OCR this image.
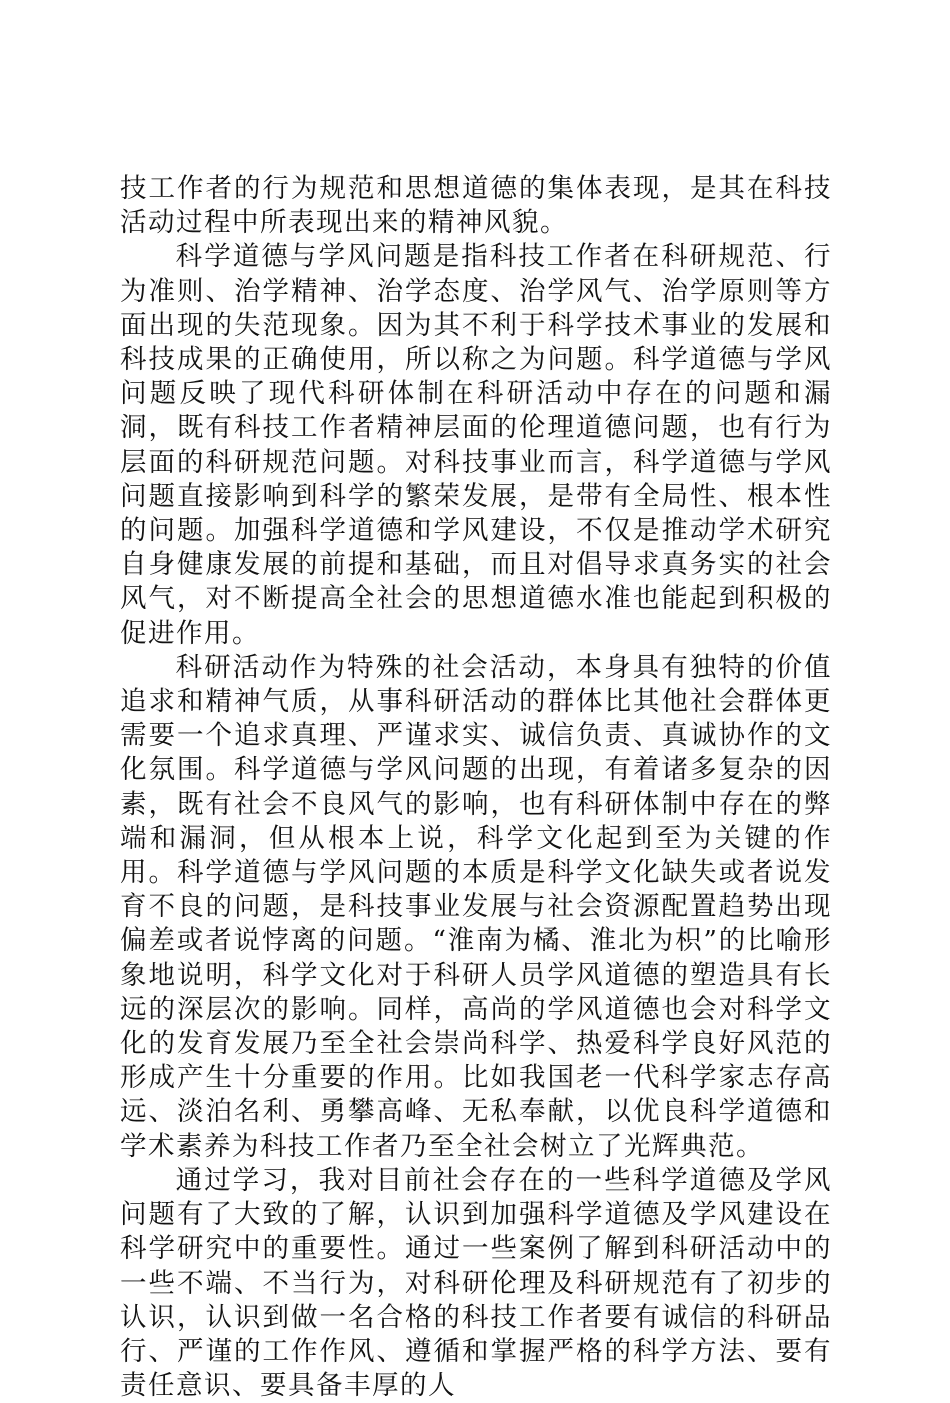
技工作者的行为规范和思想道德的集体表现，是其在科技活动过程中所表现出来的精神风貌。

科学道德与学风问题是指科技工作者在科研规范、行为准则、治学精神、治学态度、治学风气、治学原则等方面出现的失范现象。因为其不利于科学技术事业的发展和科技成果的正确使用，所以称之为问题。科学道德与学风问题反映了现代科研体制在科研活动中存在的问题和漏洞，既有科技工作者精神层面的伦理道德问题，也有行为层面的科研规范问题。对科技事业而言，科学道德与学风问题直接影响到科学的繁荣发展，是带有全局性、根本性的问题。加强科学道德和学风建设，不仅是推动学术研究自身健康发展的前提和基础，而且对倡导求真务实的社会风气，对不断提高全社会的思想道德水准也能起到积极的促进作用。

科研活动作为特殊的社会活动，本身具有独特的价值追求和精神气质，从事科研活动的群体比其他社会群体更需要一个追求真理、严谨求实、诚信负责、真诚协作的文化氛围。科学道德与学风问题的出现，有着诸多复杂的因素，既有社会不良风气的影响，也有科研体制中存在的弊端和漏洞，但从根本上说，科学文化起到至为关键的作用。科学道德与学风问题的本质是科学文化缺失或者说发育不良的问题，是科技事业发展与社会资源配置趋势出现偏差或者说悖离的问题。“淮南为橘、淮北为枳”的比喻形象地说明，科学文化对于科研人员学风道德的塑造具有长远的深层次的影响。同样，高尚的学风道德也会对科学文化的发育发展乃至全社会崇尚科学、热爱科学良好风范的形成产生十分重要的作用。比如我国老一代科学家志存高远、淡泊名利、勇攀高峰、无私奉献，以优良科学道德和学术素养为科技工作者乃至全社会树立了光辉典范。

通过学习，我对目前社会存在的一些科学道德及学风问题有了大致的了解，认识到加强科学道德及学风建设在科学研究中的重要性。通过一些案例了解到科研活动中的一些不端、不当行为，对科研伦理及科研规范有了初步的认识，认识到做一名合格的科技工作者要有诚信的科研品行、严谨的工作作风、遵循和掌握严格的科学方法、要有责任意识、要具备丰厚的人
